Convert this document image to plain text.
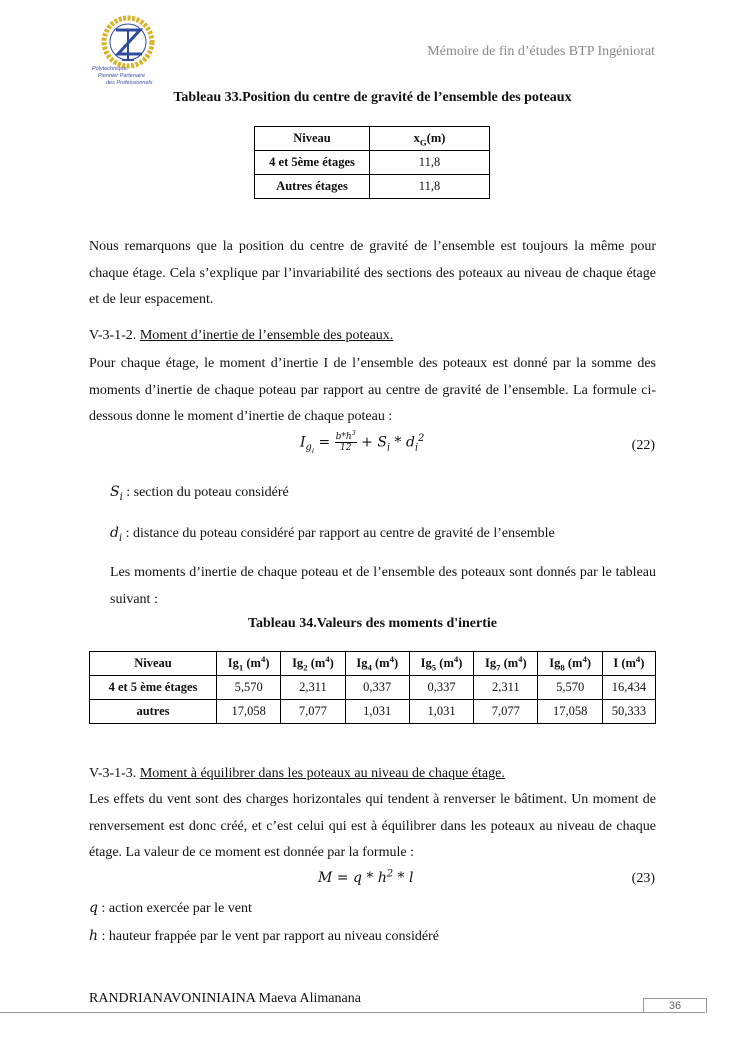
Polytechnique,
Pionnier Partenaire
des Professionnels
Mémoire de fin d’études BTP Ingéniorat
Tableau 33.Position du centre de gravité de l’ensemble des poteaux
Niveau	$x_G(m)$
4 et 5ème étages	11,8
Autres étages	11,8
Nous remarquons que la position du centre de gravité de l’ensemble est toujours la même pour chaque étage. Cela s’explique par l’invariabilité des sections des poteaux au niveau de chaque étage et de leur espacement.
V-3-1-2. Moment d’inertie de l’ensemble des poteaux.
Pour chaque étage, le moment d’inertie I de l’ensemble des poteaux est donné par la somme des moments d’inertie de chaque poteau par rapport au centre de gravité de l’ensemble. La formule ci-dessous donne le moment d’inertie de chaque poteau :
$I_{g_i} = \frac{b*h^3}{12} + S_i * d_i^2$	(22)
$S_i$ : section du poteau considéré
$d_i$ : distance du poteau considéré par rapport au centre de gravité de l’ensemble
Les moments d’inertie de chaque poteau et de l’ensemble des poteaux sont donnés par le tableau suivant :
Tableau 34.Valeurs des moments d'inertie
Niveau	$Ig_1$ $(m^4)$	$Ig_2$ $(m^4)$	$Ig_4$ $(m^4)$	$Ig_5$ $(m^4)$	$Ig_7$ $(m^4)$	$Ig_8$ $(m^4)$	I $(m^4)$
4 et 5 ème étages	5,570	2,311	0,337	0,337	2,311	5,570	16,434
autres	17,058	7,077	1,031	1,031	7,077	17,058	50,333
V-3-1-3. Moment à équilibrer dans les poteaux au niveau de chaque étage.
Les effets du vent sont des charges horizontales qui tendent à renverser le bâtiment. Un moment de renversement est donc créé, et c’est celui qui est à équilibrer dans les poteaux au niveau de chaque étage. La valeur de ce moment est donnée par la formule :
$M = q * h^2 * l$	(23)
q : action exercée par le vent
h : hauteur frappée par le vent par rapport au niveau considéré
RANDRIANAVONINIAINA Maeva Alimanana	36
